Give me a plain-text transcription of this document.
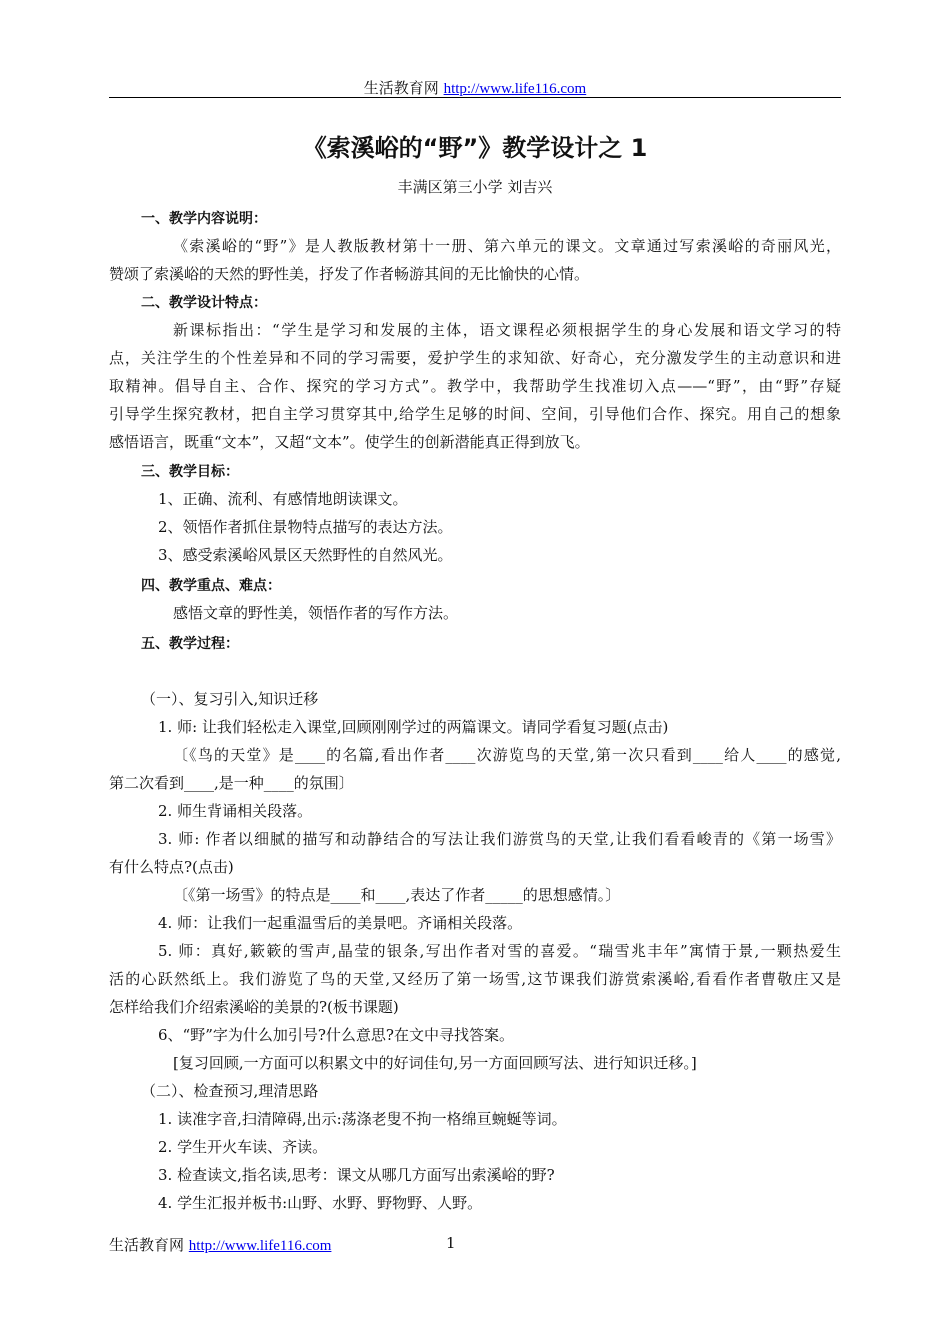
生活教育网 http://www.life116.com
《索溪峪的“野”》教学设计之 1
丰满区第三小学 刘吉兴
一、教学内容说明：
《索溪峪的“野”》是人教版教材第十一册、第六单元的课文。文章通过写索溪峪的奇丽风光，
赞颂了索溪峪的天然的野性美，抒发了作者畅游其间的无比愉快的心情。
二、教学设计特点：
新课标指出：“学生是学习和发展的主体，语文课程必须根据学生的身心发展和语文学习的特
点，关注学生的个性差异和不同的学习需要，爱护学生的求知欲、好奇心，充分激发学生的主动意识和进
取精神。倡导自主、合作、探究的学习方式”。教学中，我帮助学生找准切入点——“野”，由“野”存疑
引导学生探究教材，把自主学习贯穿其中,给学生足够的时间、空间，引导他们合作、探究。用自己的想象
感悟语言，既重“文本”，又超“文本”。使学生的创新潜能真正得到放飞。
三、教学目标：
1、正确、流利、有感情地朗读课文。
2、领悟作者抓住景物特点描写的表达方法。
3、感受索溪峪风景区天然野性的自然风光。
四、教学重点、难点：
感悟文章的野性美，领悟作者的写作方法。
五、教学过程：
（一）、复习引入,知识迁移
1. 师: 让我们轻松走入课堂,回顾刚刚学过的两篇课文。请同学看复习题(点击)
〔《鸟的天堂》是____的名篇,看出作者____次游览鸟的天堂,第一次只看到____给人____的感觉,
第二次看到____,是一种____的氛围〕
2. 师生背诵相关段落。
3. 师: 作者以细腻的描写和动静结合的写法让我们游赏鸟的天堂,让我们看看峻青的《第一场雪》
有什么特点?(点击)
〔《第一场雪》的特点是____和____,表达了作者_____的思想感情。〕
4. 师：让我们一起重温雪后的美景吧。齐诵相关段落。
5. 师：真好,簌簌的雪声,晶莹的银条,写出作者对雪的喜爱。“瑞雪兆丰年”寓情于景,一颗热爱生
活的心跃然纸上。我们游览了鸟的天堂,又经历了第一场雪,这节课我们游赏索溪峪,看看作者曹敬庄又是
怎样给我们介绍索溪峪的美景的?(板书课题)
6、“野”字为什么加引号?什么意思?在文中寻找答案。
[复习回顾,一方面可以积累文中的好词佳句,另一方面回顾写法、进行知识迁移。]
（二）、检查预习,理清思路
1. 读准字音,扫清障碍,出示:荡涤老叟不拘一格绵亘蜿蜒等词。
2. 学生开火车读、齐读。
3. 检查读文,指名读,思考：课文从哪几方面写出索溪峪的野?
4. 学生汇报并板书:山野、水野、野物野、人野。
生活教育网 http://www.life116.com	1
